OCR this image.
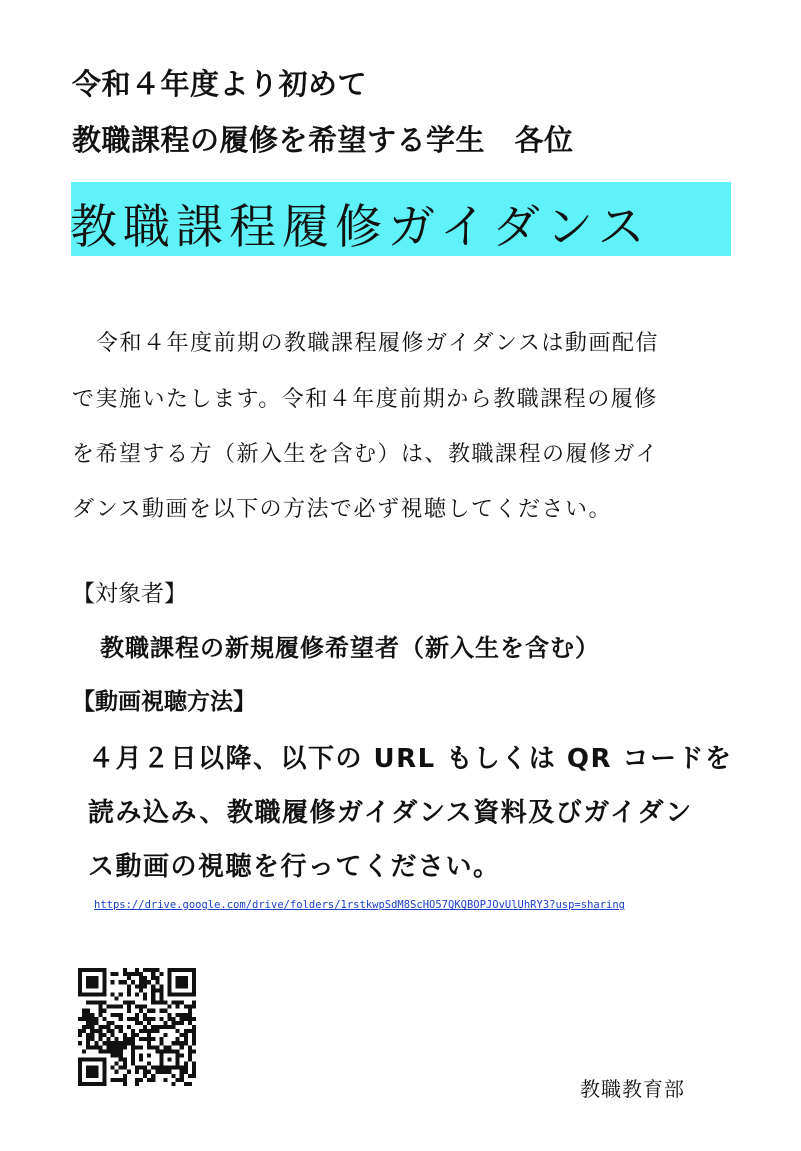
令和４年度より初めて
教職課程の履修を希望する学生　各位
教職課程履修ガイダンス
令和４年度前期の教職課程履修ガイダンスは動画配信
で実施いたします。令和４年度前期から教職課程の履修
を希望する方（新入生を含む）は、教職課程の履修ガイ
ダンス動画を以下の方法で必ず視聴してください。
【対象者】
教職課程の新規履修希望者（新入生を含む）
【動画視聴方法】
４月２日以降、以下の URL もしくは QR コードを
読み込み、教職履修ガイダンス資料及びガイダン
ス動画の視聴を行ってください。
https://drive.google.com/drive/folders/1rstkwpSdM8ScHO57QKQBOPJOvUlUhRY3?usp=sharing
教職教育部
